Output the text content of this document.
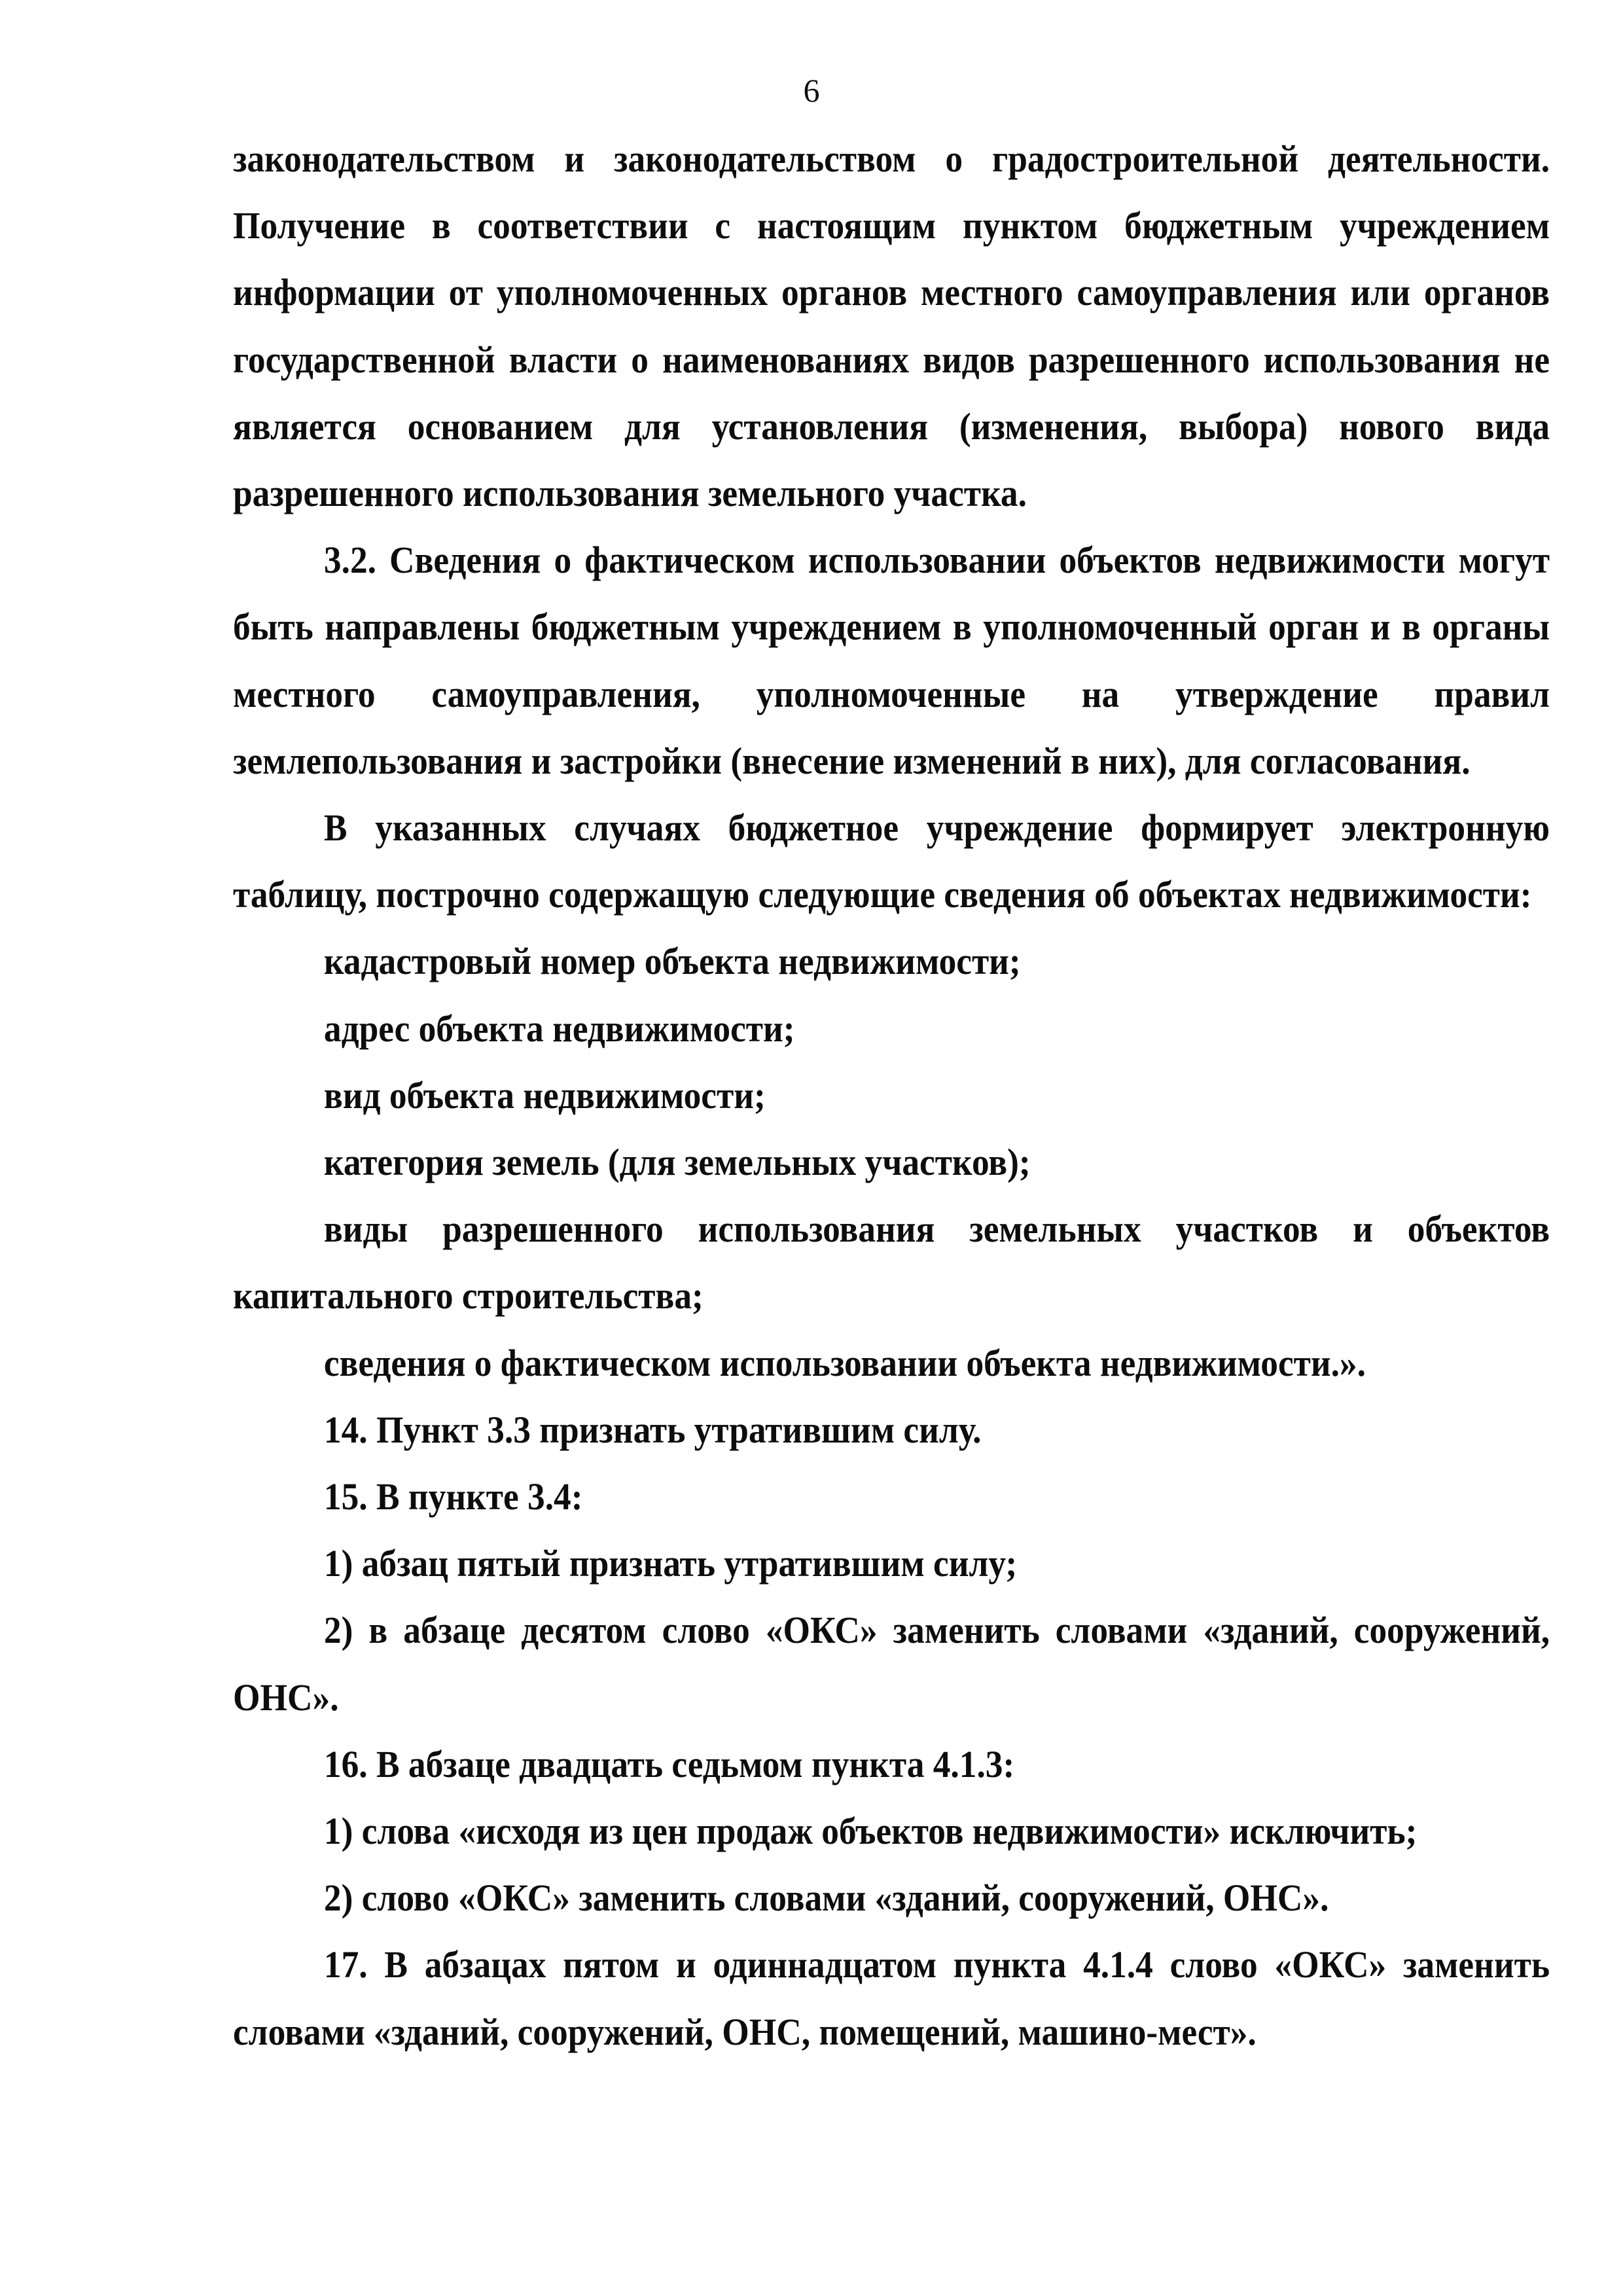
6

законодательством и законодательством о градостроительной деятельности. Получение в соответствии с настоящим пунктом бюджетным учреждением информации от уполномоченных органов местного самоуправления или органов государственной власти о наименованиях видов разрешенного использования не является основанием для установления (изменения, выбора) нового вида разрешенного использования земельного участка.

3.2. Сведения о фактическом использовании объектов недвижимости могут быть направлены бюджетным учреждением в уполномоченный орган и в органы местного самоуправления, уполномоченные на утверждение правил землепользования и застройки (внесение изменений в них), для согласования.

В указанных случаях бюджетное учреждение формирует электронную таблицу, построчно содержащую следующие сведения об объектах недвижимости:

кадастровый номер объекта недвижимости;

адрес объекта недвижимости;

вид объекта недвижимости;

категория земель (для земельных участков);

виды разрешенного использования земельных участков и объектов капитального строительства;

сведения о фактическом использовании объекта недвижимости.».

14. Пункт 3.3 признать утратившим силу.

15. В пункте 3.4:

1) абзац пятый признать утратившим силу;

2) в абзаце десятом слово «ОКС» заменить словами «зданий, сооружений, ОНС».

16. В абзаце двадцать седьмом пункта 4.1.3:

1) слова «исходя из цен продаж объектов недвижимости» исключить;

2) слово «ОКС» заменить словами «зданий, сооружений, ОНС».

17. В абзацах пятом и одиннадцатом пункта 4.1.4 слово «ОКС» заменить словами «зданий, сооружений, ОНС, помещений, машино-мест».
